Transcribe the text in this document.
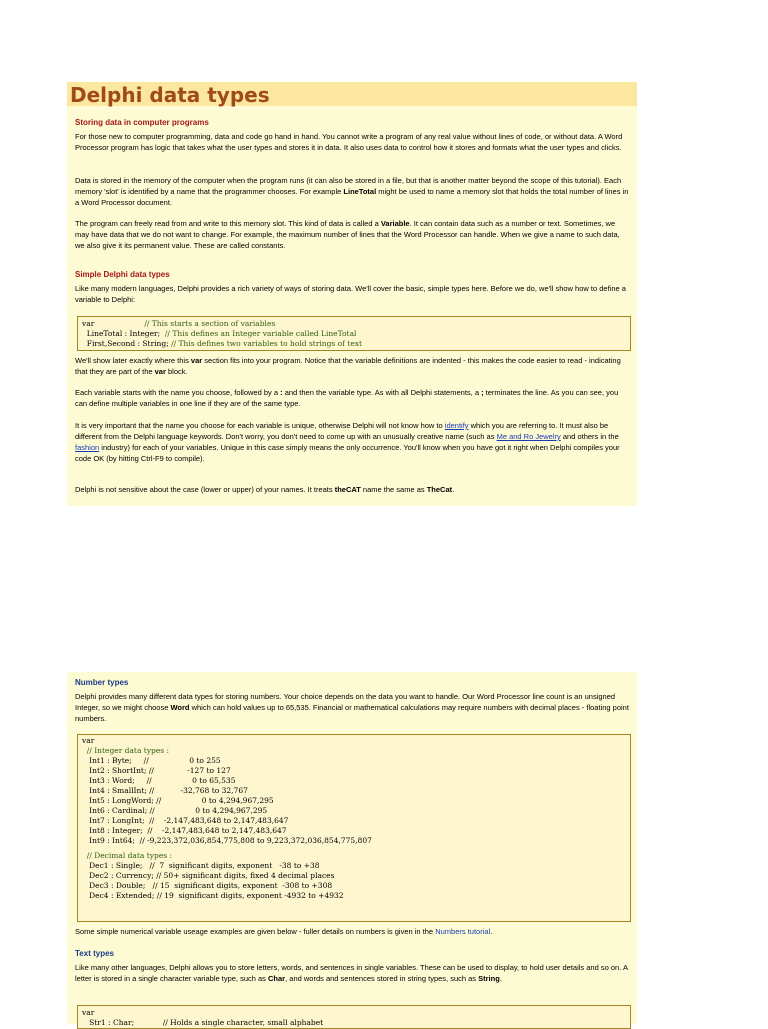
Delphi data types

Storing data in computer programs

For those new to computer programming, data and code go hand in hand. You cannot write a program of any real value without lines of code, or without data. A Word Processor program has logic that takes what the user types and stores it in data. It also uses data to control how it stores and formats what the user types and clicks.

Data is stored in the memory of the computer when the program runs (it can also be stored in a file, but that is another matter beyond the scope of this tutorial). Each memory 'slot' is identified by a name that the programmer chooses. For example LineTotal might be used to name a memory slot that holds the total number of lines in a Word Processor document.

The program can freely read from and write to this memory slot. This kind of data is called a Variable. It can contain data such as a number or text. Sometimes, we may have data that we do not want to change. For example, the maximum number of lines that the Word Processor can handle. When we give a name to such data, we also give it its permanent value. These are called constants.

Simple Delphi data types

Like many modern languages, Delphi provides a rich variety of ways of storing data. We'll cover the basic, simple types here. Before we do, we'll show how to define a variable to Delphi:

var                     // This starts a section of variables
LineTotal : Integer;  // This defines an Integer variable called LineTotal
First,Second : String; // This defines two variables to hold strings of text

We'll show later exactly where this var section fits into your program. Notice that the variable definitions are indented - this makes the code easier to read - indicating that they are part of the var block.

Each variable starts with the name you choose, followed by a : and then the variable type. As with all Delphi statements, a ; terminates the line. As you can see, you can define multiple variables in one line if they are of the same type.

It is very important that the name you choose for each variable is unique, otherwise Delphi will not know how to identify which you are referring to. It must also be different from the Delphi language keywords. Don't worry, you don't need to come up with an unusually creative name (such as Me and Ro Jewelry and others in the fashion industry) for each of your variables. Unique in this case simply means the only occurrence. You'll know when you have got it right when Delphi compiles your code OK (by hitting Ctrl-F9 to compile).

Delphi is not sensitive about the case (lower or upper) of your names. It treats theCAT name the same as TheCat.

Number types

Delphi provides many different data types for storing numbers. Your choice depends on the data you want to handle. Our Word Processor line count is an unsigned Integer, so we might choose Word which can hold values up to 65,535. Financial or mathematical calculations may require numbers with decimal places - floating point numbers.

var
// Integer data types :
Int1 : Byte;     //                 0 to 255
Int2 : ShortInt; //              -127 to 127
Int3 : Word;     //                 0 to 65,535
Int4 : SmallInt; //           -32,768 to 32,767
Int5 : LongWord; //                 0 to 4,294,967,295
Int6 : Cardinal; //                 0 to 4,294,967,295
Int7 : LongInt;  //    -2,147,483,648 to 2,147,483,647
Int8 : Integer;  //    -2,147,483,648 to 2,147,483,647
Int9 : Int64;  // -9,223,372,036,854,775,808 to 9,223,372,036,854,775,807
// Decimal data types :
Dec1 : Single;   //  7  significant digits, exponent   -38 to +38
Dec2 : Currency; // 50+ significant digits, fixed 4 decimal places
Dec3 : Double;   // 15  significant digits, exponent  -308 to +308
Dec4 : Extended; // 19  significant digits, exponent -4932 to +4932

Some simple numerical variable useage examples are given below - fuller details on numbers is given in the Numbers tutorial.

Text types

Like many other languages, Delphi allows you to store letters, words, and sentences in single variables. These can be used to display, to hold user details and so on. A letter is stored in a single character variable type, such as Char, and words and sentences stored in string types, such as String.

var
Str1 : Char;            // Holds a single character, small alphabet
